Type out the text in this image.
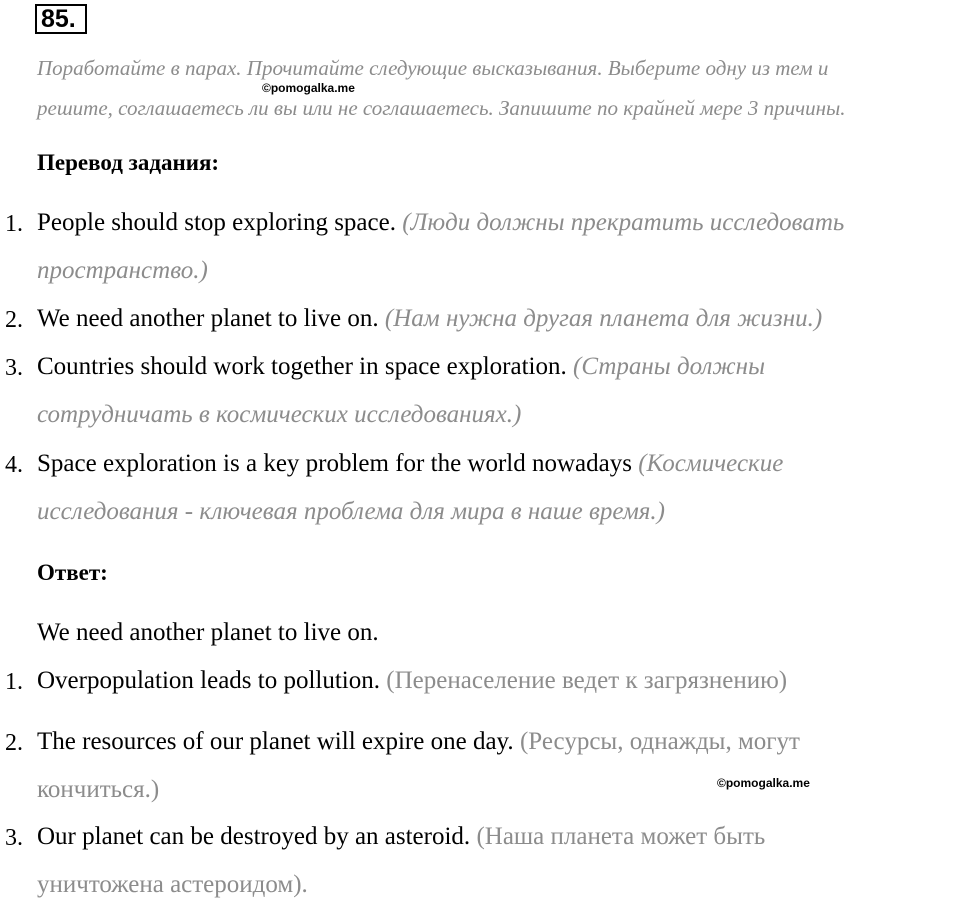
85.
Поработайте в парах. Прочитайте следующие высказывания. Выберите одну из тем и
©pomogalka.me
решите, соглашаетесь ли вы или не соглашаетесь. Запишите по крайней мере 3 причины.
Перевод задания:
1. People should stop exploring space. (Люди должны прекратить исследовать
пространство.)
2. We need another planet to live on. (Нам нужна другая планета для жизни.)
3. Countries should work together in space exploration. (Страны должны
сотрудничать в космических исследованиях.)
4. Space exploration is a key problem for the world nowadays (Космические
исследования - ключевая проблема для мира в наше время.)
Ответ:
We need another planet to live on.
1. Overpopulation leads to pollution. (Перенаселение ведет к загрязнению)
2. The resources of our planet will expire one day. (Ресурсы, однажды, могут
кончиться.)	©pomogalka.me
3. Our planet can be destroyed by an asteroid. (Наша планета может быть
уничтожена астероидом).
